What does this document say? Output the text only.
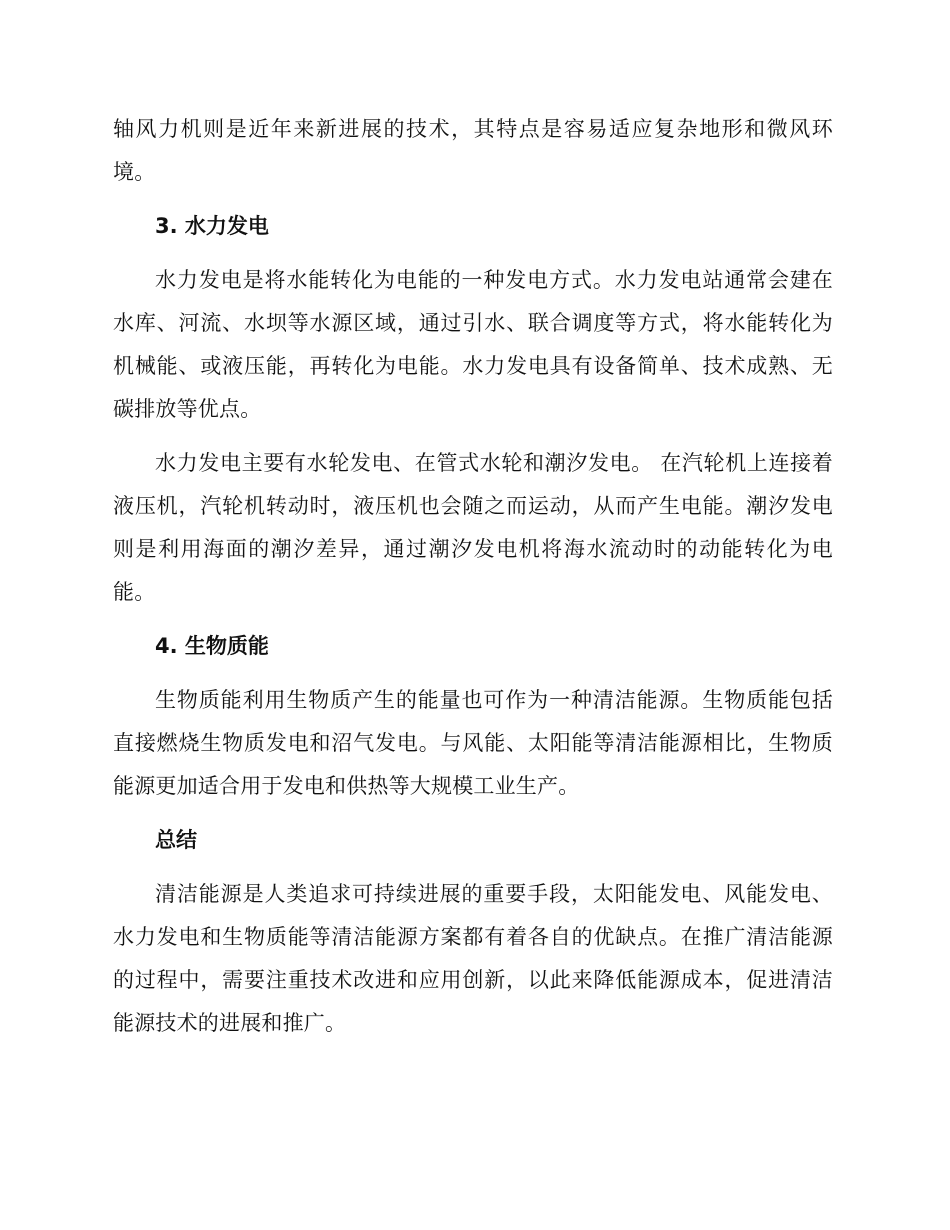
轴风力机则是近年来新进展的技术，其特点是容易适应复杂地形和微风环境。

3. 水力发电

水力发电是将水能转化为电能的一种发电方式。水力发电站通常会建在水库、河流、水坝等水源区域，通过引水、联合调度等方式，将水能转化为机械能、或液压能，再转化为电能。水力发电具有设备简单、技术成熟、无碳排放等优点。

水力发电主要有水轮发电、在管式水轮和潮汐发电。 在汽轮机上连接着液压机，汽轮机转动时，液压机也会随之而运动，从而产生电能。潮汐发电则是利用海面的潮汐差异，通过潮汐发电机将海水流动时的动能转化为电能。

4. 生物质能

生物质能利用生物质产生的能量也可作为一种清洁能源。生物质能包括直接燃烧生物质发电和沼气发电。与风能、太阳能等清洁能源相比，生物质能源更加适合用于发电和供热等大规模工业生产。

总结

清洁能源是人类追求可持续进展的重要手段，太阳能发电、风能发电、水力发电和生物质能等清洁能源方案都有着各自的优缺点。在推广清洁能源的过程中，需要注重技术改进和应用创新，以此来降低能源成本，促进清洁能源技术的进展和推广。
